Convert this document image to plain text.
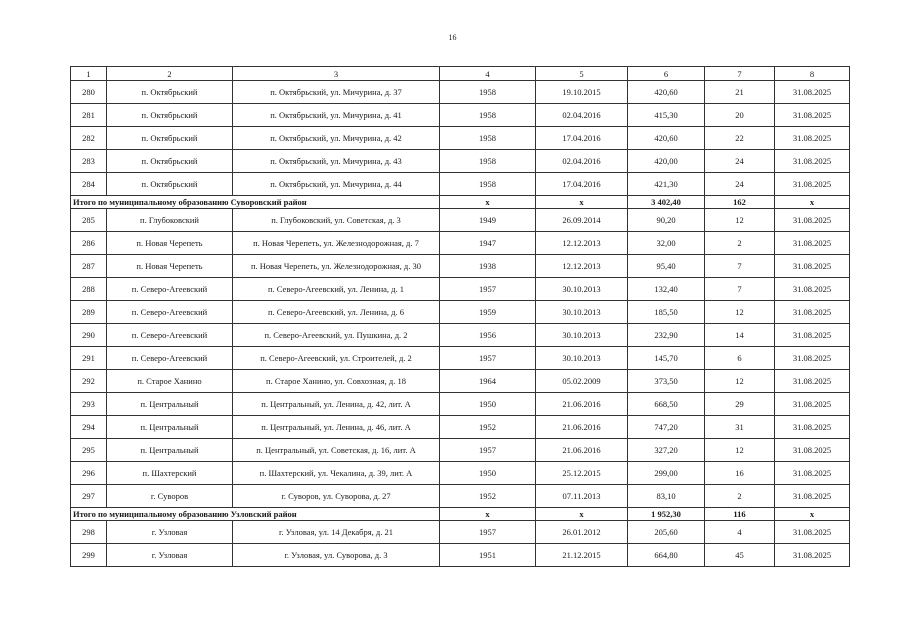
16
1	2	3	4	5	6	7	8
280	п. Октябрьский	п. Октябрьский, ул. Мичурина, д. 37	1958	19.10.2015	420,60	21	31.08.2025
281	п. Октябрьский	п. Октябрьский, ул. Мичурина, д. 41	1958	02.04.2016	415,30	20	31.08.2025
282	п. Октябрьский	п. Октябрьский, ул. Мичурина, д. 42	1958	17.04.2016	420,60	22	31.08.2025
283	п. Октябрьский	п. Октябрьский, ул. Мичурина, д. 43	1958	02.04.2016	420,00	24	31.08.2025
284	п. Октябрьский	п. Октябрьский, ул. Мичурина, д. 44	1958	17.04.2016	421,30	24	31.08.2025
Итого по муниципальному образованию Суворовский район			x	x	3 402,40	162	x
285	п. Глубоковский	п. Глубоковский, ул. Советская, д. 3	1949	26.09.2014	90,20	12	31.08.2025
286	п. Новая Черепеть	п. Новая Черепеть, ул. Железнодорожная, д. 7	1947	12.12.2013	32,00	2	31.08.2025
287	п. Новая Черепеть	п. Новая Черепеть, ул. Железнодорожная, д. 30	1938	12.12.2013	95,40	7	31.08.2025
288	п. Северо-Агеевский	п. Северо-Агеевский, ул. Ленина, д. 1	1957	30.10.2013	132,40	7	31.08.2025
289	п. Северо-Агеевский	п. Северо-Агеевский, ул. Ленина, д. 6	1959	30.10.2013	185,50	12	31.08.2025
290	п. Северо-Агеевский	п. Северо-Агеевский, ул. Пушкина, д. 2	1956	30.10.2013	232,90	14	31.08.2025
291	п. Северо-Агеевский	п. Северо-Агеевский, ул. Строителей, д. 2	1957	30.10.2013	145,70	6	31.08.2025
292	п. Старое Ханино	п. Старое Ханино, ул. Совхозная, д. 18	1964	05.02.2009	373,50	12	31.08.2025
293	п. Центральный	п. Центральный, ул. Ленина, д. 42, лит. А	1950	21.06.2016	668,50	29	31.08.2025
294	п. Центральный	п. Центральный, ул. Ленина, д. 46, лит. А	1952	21.06.2016	747,20	31	31.08.2025
295	п. Центральный	п. Центральный, ул. Советская, д. 16, лит. А	1957	21.06.2016	327,20	12	31.08.2025
296	п. Шахтерский	п. Шахтерский, ул. Чекалина, д. 39, лит. А	1950	25.12.2015	299,00	16	31.08.2025
297	г. Суворов	г. Суворов, ул. Суворова, д. 27	1952	07.11.2013	83,10	2	31.08.2025
Итого по муниципальному образованию Узловский район			x	x	1 952,30	116	x
298	г. Узловая	г. Узловая, ул. 14 Декабря, д. 21	1957	26.01.2012	205,60	4	31.08.2025
299	г. Узловая	г. Узловая, ул. Суворова, д. 3	1951	21.12.2015	664,80	45	31.08.2025
